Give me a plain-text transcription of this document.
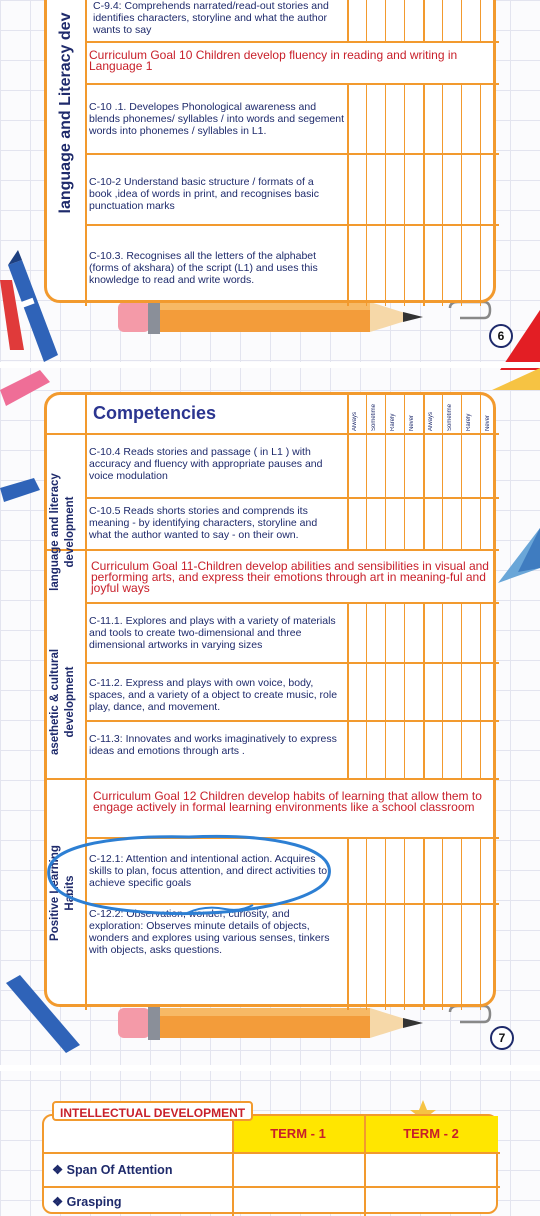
language and Literacy dev
C-9.4: Comprehends narrated/read-out stories and identifies characters, storyline and what the author wants to say
Curriculum Goal 10 Children develop fluency in reading and writing in Language 1
C-10 .1. Developes Phonological awareness and blends phonemes/ syllables / into words and segement words into phonemes / syllables in L1.
C-10-2 Understand basic structure / formats of a book ,idea of words in print, and recognises basic punctuation marks
C-10.3. Recognises all the letters of the alphabet (forms of akshara) of the script (L1) and uses this knowledge to read and write words.
6
Competencies	Always Sometime Rarely Never Always Sometime Rarely Never
language and literacy development
asethetic & cultural development
Positive Learning Habits
C-10.4 Reads stories and passage ( in L1 ) with accuracy and fluency with appropriate pauses and voice modulation
C-10.5 Reads shorts stories and comprends its meaning - by identifying characters, storyline and what the author wanted to say - on their own.
Curriculum Goal 11-Children develop abilities and sensibilities in visual and performing arts, and express their emotions through art in meaning-ful and joyful ways
C-11.1. Explores and plays with a variety of materials and tools to create two-dimensional and three dimensional artworks in varying sizes
C-11.2. Express and plays with own voice, body, spaces, and a variety of a object to create music, role play, dance, and movement.
C-11.3: Innovates and works imaginatively to express ideas and emotions through arts .
Curriculum Goal 12 Children develop habits of learning that allow them to engage actively in formal learning environments like a school classroom
C-12.1: Attention and intentional action. Acquires skills to plan, focus attention, and direct activities to achieve specific goals
C-12.2: Observation, wonder, curiosity, and exploration: Observes minute details of objects, wonders and explores using various senses, tinkers with objects, asks questions.
7
INTELLECTUAL DEVELOPMENT
TERM - 1	TERM - 2
❖ Span Of Attention
❖ Grasping
